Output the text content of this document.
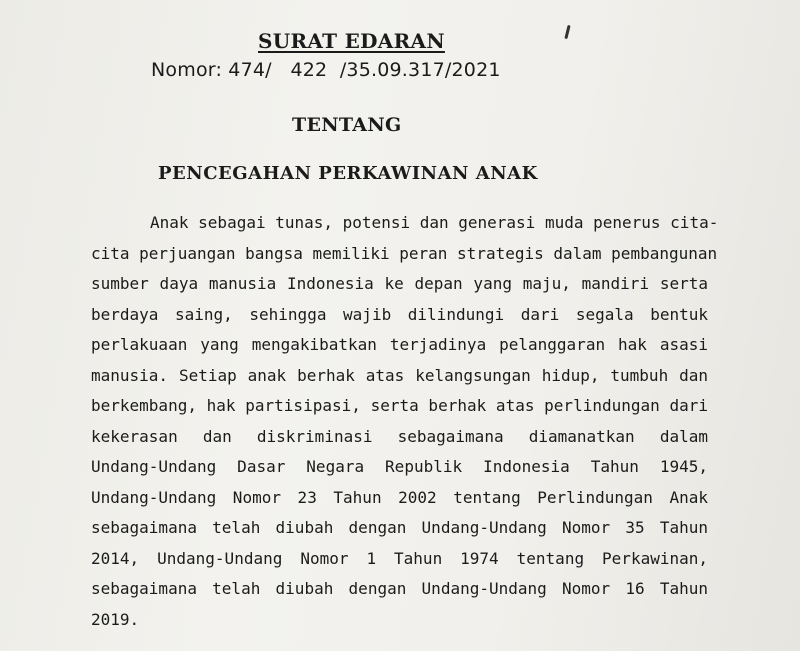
SURAT EDARAN
Nomor: 474/   422  /35.09.317/2021
TENTANG
PENCEGAHAN PERKAWINAN ANAK
Anak sebagai tunas, potensi dan generasi muda penerus cita-
cita perjuangan bangsa memiliki peran strategis dalam pembangunan
sumber daya manusia Indonesia ke depan yang maju, mandiri serta
berdaya saing, sehingga wajib dilindungi dari segala bentuk
perlakuaan yang mengakibatkan terjadinya pelanggaran hak asasi
manusia. Setiap anak berhak atas kelangsungan hidup, tumbuh dan
berkembang, hak partisipasi, serta berhak atas perlindungan dari
kekerasan dan diskriminasi sebagaimana diamanatkan dalam
Undang-Undang Dasar Negara Republik Indonesia Tahun 1945,
Undang-Undang Nomor 23 Tahun 2002 tentang Perlindungan Anak
sebagaimana telah diubah dengan Undang-Undang Nomor 35 Tahun
2014, Undang-Undang Nomor 1 Tahun 1974 tentang Perkawinan,
sebagaimana telah diubah dengan Undang-Undang Nomor 16 Tahun
2019.
